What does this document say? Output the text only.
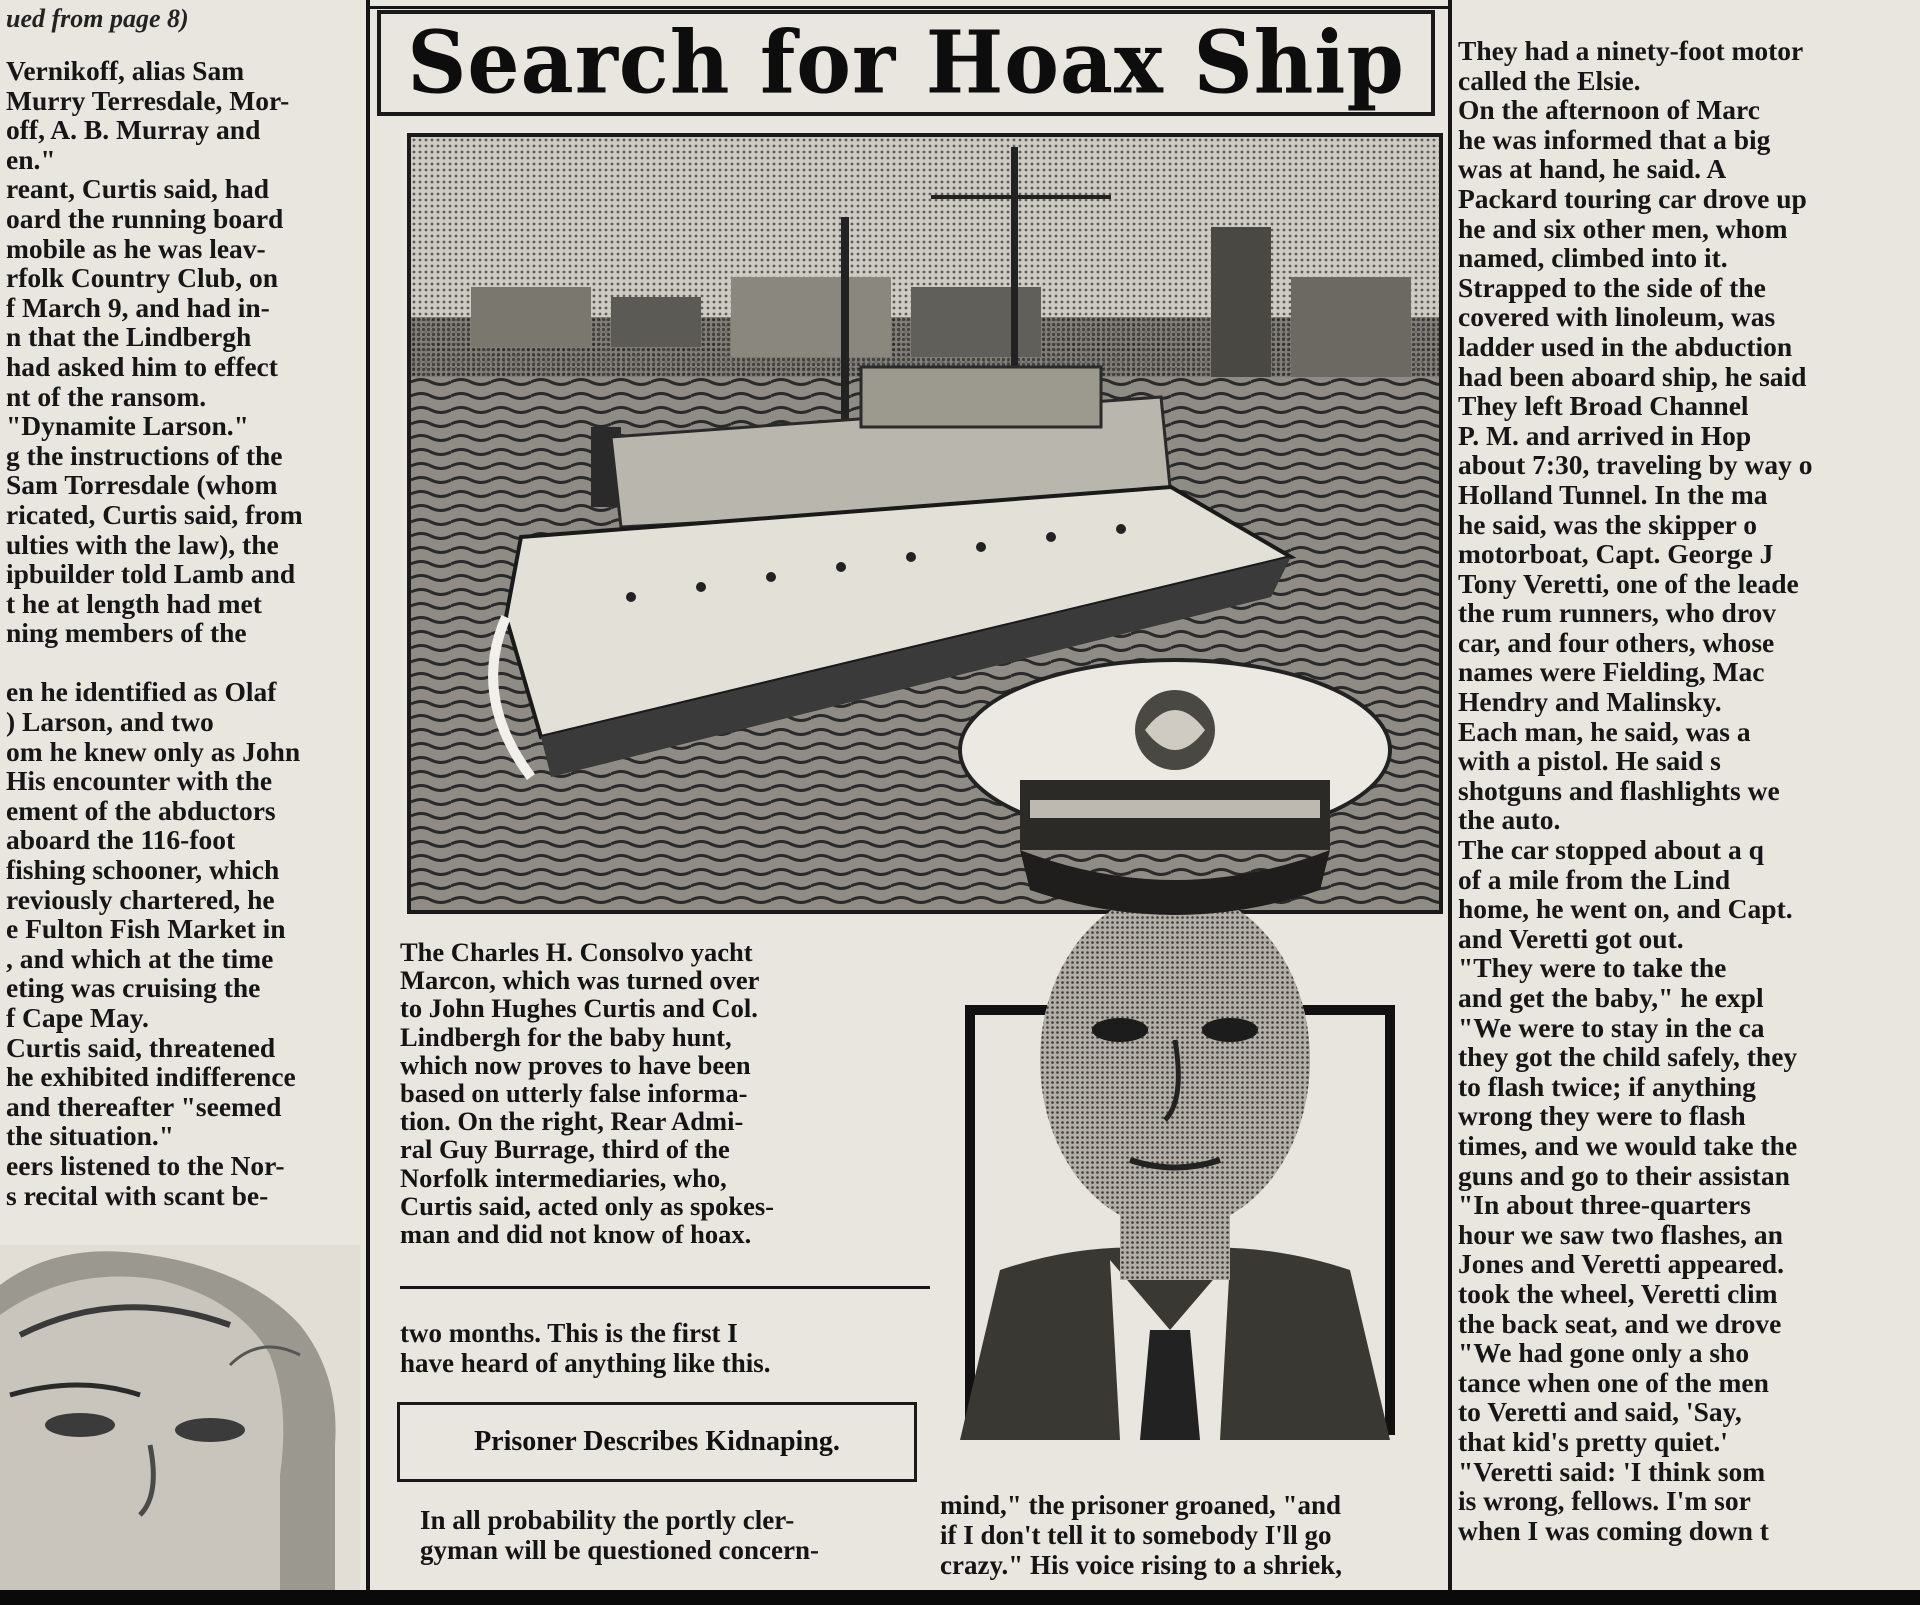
ued from page 8)
Vernikoff, alias Sam
Murry Terresdale, Mor-
off, A. B. Murray and
en."
reant, Curtis said, had
oard the running board
mobile as he was leav-
rfolk Country Club, on
f March 9, and had in-
n that the Lindbergh
had asked him to effect
nt of the ransom.
"Dynamite Larson."
g the instructions of the
Sam Torresdale (whom
ricated, Curtis said, from
ulties with the law), the
ipbuilder told Lamb and
t he at length had met
ning members of the
en he identified as Olaf
) Larson, and two
om he knew only as John
His encounter with the
ement of the abductors
aboard the 116-foot
fishing schooner, which
reviously chartered, he
e Fulton Fish Market in
, and which at the time
eting was cruising the
f Cape May.
Curtis said, threatened
he exhibited indifference
and thereafter "seemed
the situation."
eers listened to the Nor-
s recital with scant be-
Search for Hoax Ship
The Charles H. Consolvo yacht
Marcon, which was turned over
to John Hughes Curtis and Col.
Lindbergh for the baby hunt,
which now proves to have been
based on utterly false informa-
tion. On the right, Rear Admi-
ral Guy Burrage, third of the
Norfolk intermediaries, who,
Curtis said, acted only as spokes-
man and did not know of hoax.
two months. This is the first I
have heard of anything like this.
Prisoner Describes Kidnaping.
In all probability the portly cler-
gyman will be questioned concern-
mind," the prisoner groaned, "and
if I don't tell it to somebody I'll go
crazy." His voice rising to a shriek,
They had a ninety-foot motor
called the Elsie.
On the afternoon of Marc
he was informed that a big
was at hand, he said. A
Packard touring car drove up
he and six other men, whom
named, climbed into it.
Strapped to the side of the
covered with linoleum, was
ladder used in the abduction
had been aboard ship, he said
They left Broad Channel
P. M. and arrived in Hop
about 7:30, traveling by way o
Holland Tunnel. In the ma
he said, was the skipper o
motorboat, Capt. George J
Tony Veretti, one of the leade
the rum runners, who drov
car, and four others, whose
names were Fielding, Mac
Hendry and Malinsky.
Each man, he said, was a
with a pistol. He said s
shotguns and flashlights we
the auto.
The car stopped about a q
of a mile from the Lind
home, he went on, and Capt.
and Veretti got out.
"They were to take the
and get the baby," he expl
"We were to stay in the ca
they got the child safely, they
to flash twice; if anything
wrong they were to flash
times, and we would take the
guns and go to their assistan
"In about three-quarters
hour we saw two flashes, an
Jones and Veretti appeared.
took the wheel, Veretti clim
the back seat, and we drove
"We had gone only a sho
tance when one of the men
to Veretti and said, 'Say,
that kid's pretty quiet.'
"Veretti said: 'I think som
is wrong, fellows. I'm sor
when I was coming down t
